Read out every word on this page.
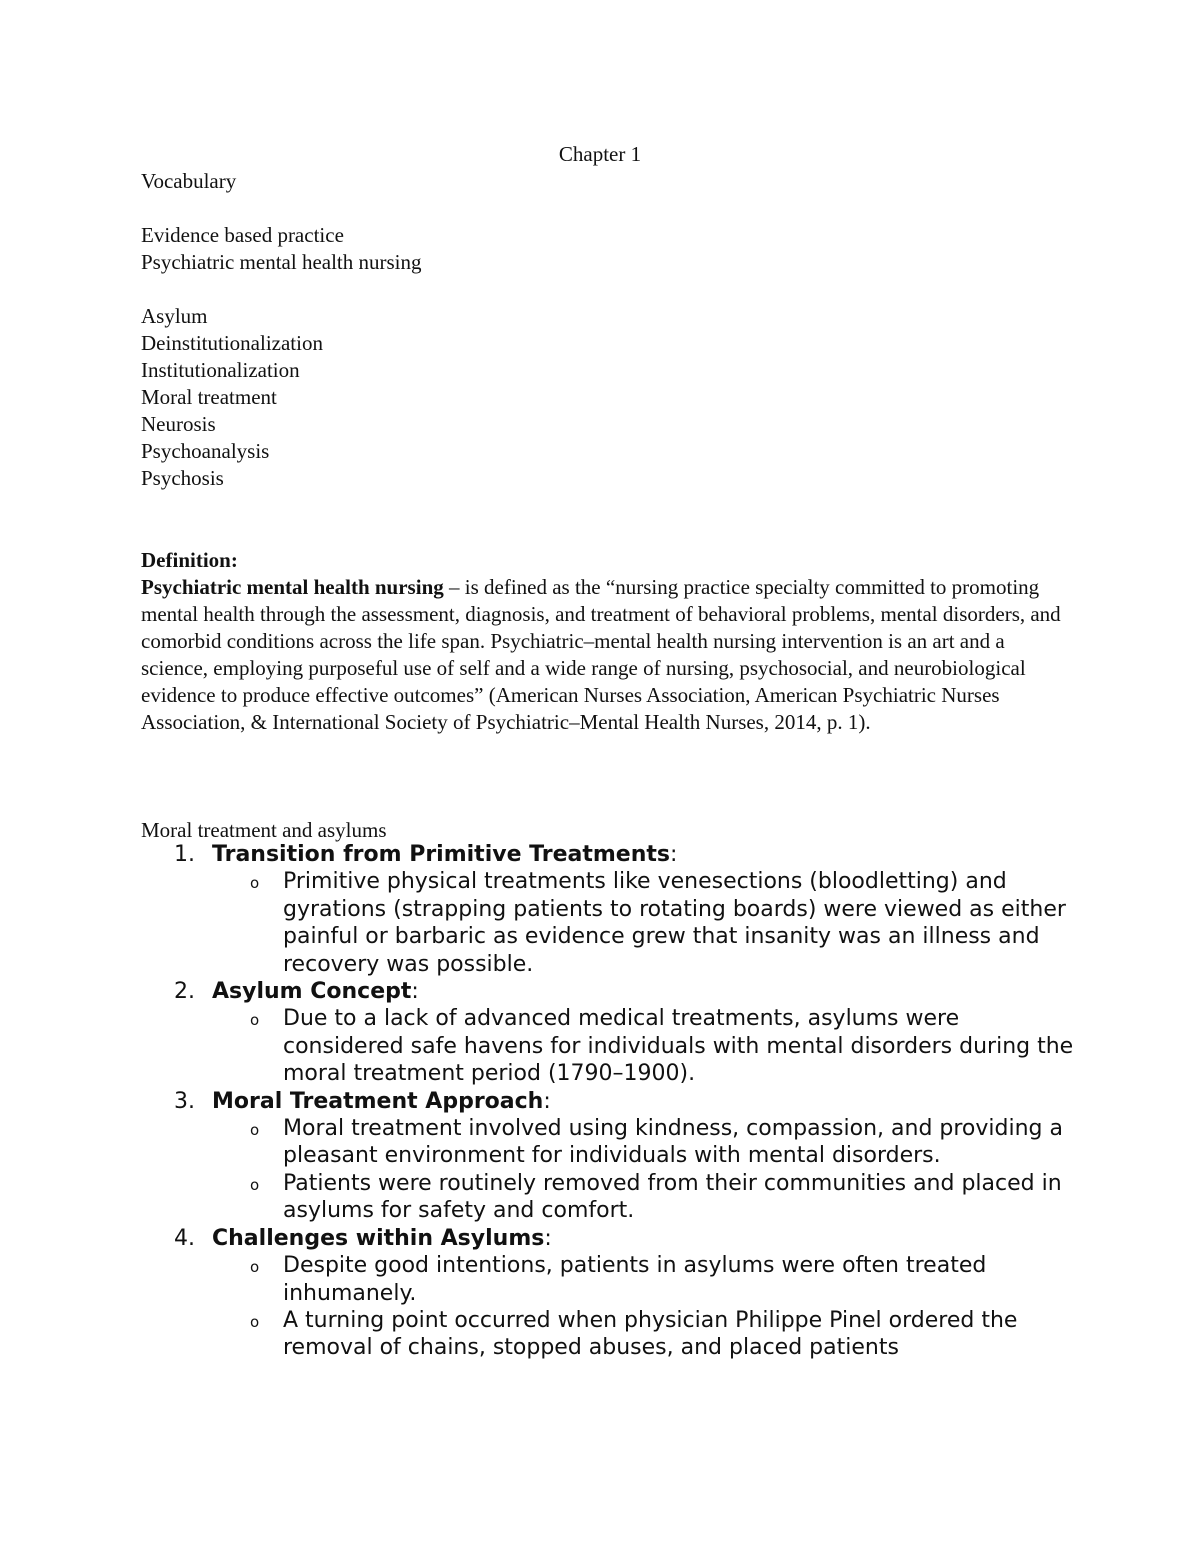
Chapter 1
Vocabulary
Evidence based practice
Psychiatric mental health nursing
Asylum
Deinstitutionalization
Institutionalization
Moral treatment
Neurosis
Psychoanalysis
Psychosis
Definition:
Psychiatric mental health nursing – is defined as the “nursing practice specialty committed to promoting mental health through the assessment, diagnosis, and treatment of behavioral problems, mental disorders, and comorbid conditions across the life span. Psychiatric–mental health nursing intervention is an art and a science, employing purposeful use of self and a wide range of nursing, psychosocial, and neurobiological evidence to produce effective outcomes” (American Nurses Association, American Psychiatric Nurses Association, & International Society of Psychiatric–Mental Health Nurses, 2014, p. 1).
Moral treatment and asylums
1. Transition from Primitive Treatments:
o Primitive physical treatments like venesections (bloodletting) and gyrations (strapping patients to rotating boards) were viewed as either painful or barbaric as evidence grew that insanity was an illness and recovery was possible.
2. Asylum Concept:
o Due to a lack of advanced medical treatments, asylums were considered safe havens for individuals with mental disorders during the moral treatment period (1790–1900).
3. Moral Treatment Approach:
o Moral treatment involved using kindness, compassion, and providing a pleasant environment for individuals with mental disorders.
o Patients were routinely removed from their communities and placed in asylums for safety and comfort.
4. Challenges within Asylums:
o Despite good intentions, patients in asylums were often treated inhumanely.
o A turning point occurred when physician Philippe Pinel ordered the removal of chains, stopped abuses, and placed patients
